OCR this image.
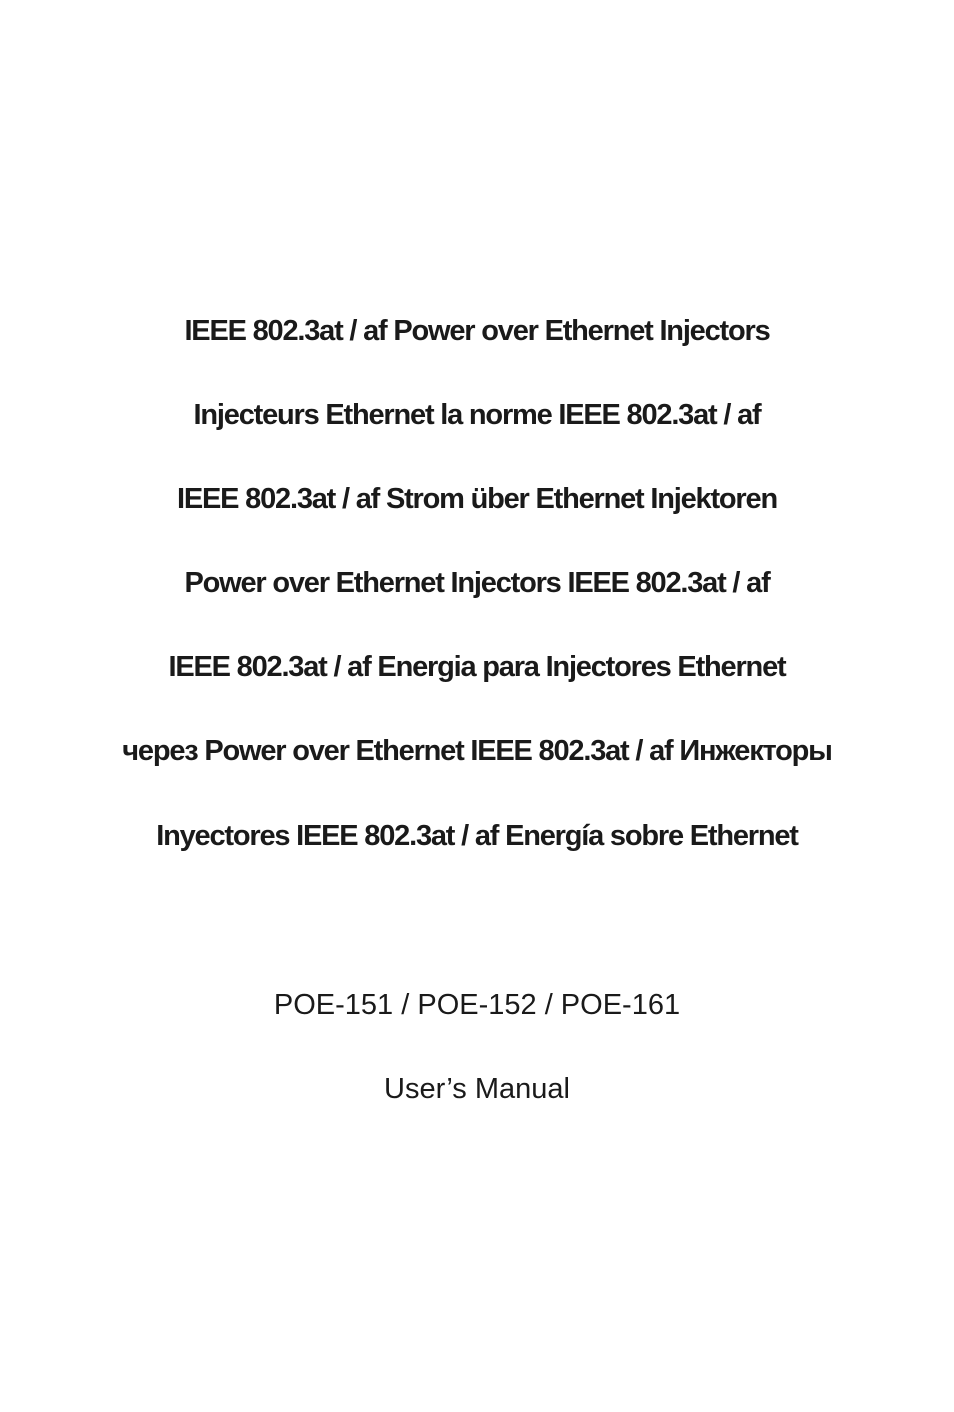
IEEE 802.3at / af Power over Ethernet Injectors
Injecteurs Ethernet la norme IEEE 802.3at / af
IEEE 802.3at / af Strom über Ethernet Injektoren
Power over Ethernet Injectors IEEE 802.3at / af
IEEE 802.3at / af Energia para Injectores Ethernet
через Power over Ethernet IEEE 802.3at / af Инжекторы
Inyectores IEEE 802.3at / af Energía sobre Ethernet

POE-151 / POE-152 / POE-161

User’s Manual
